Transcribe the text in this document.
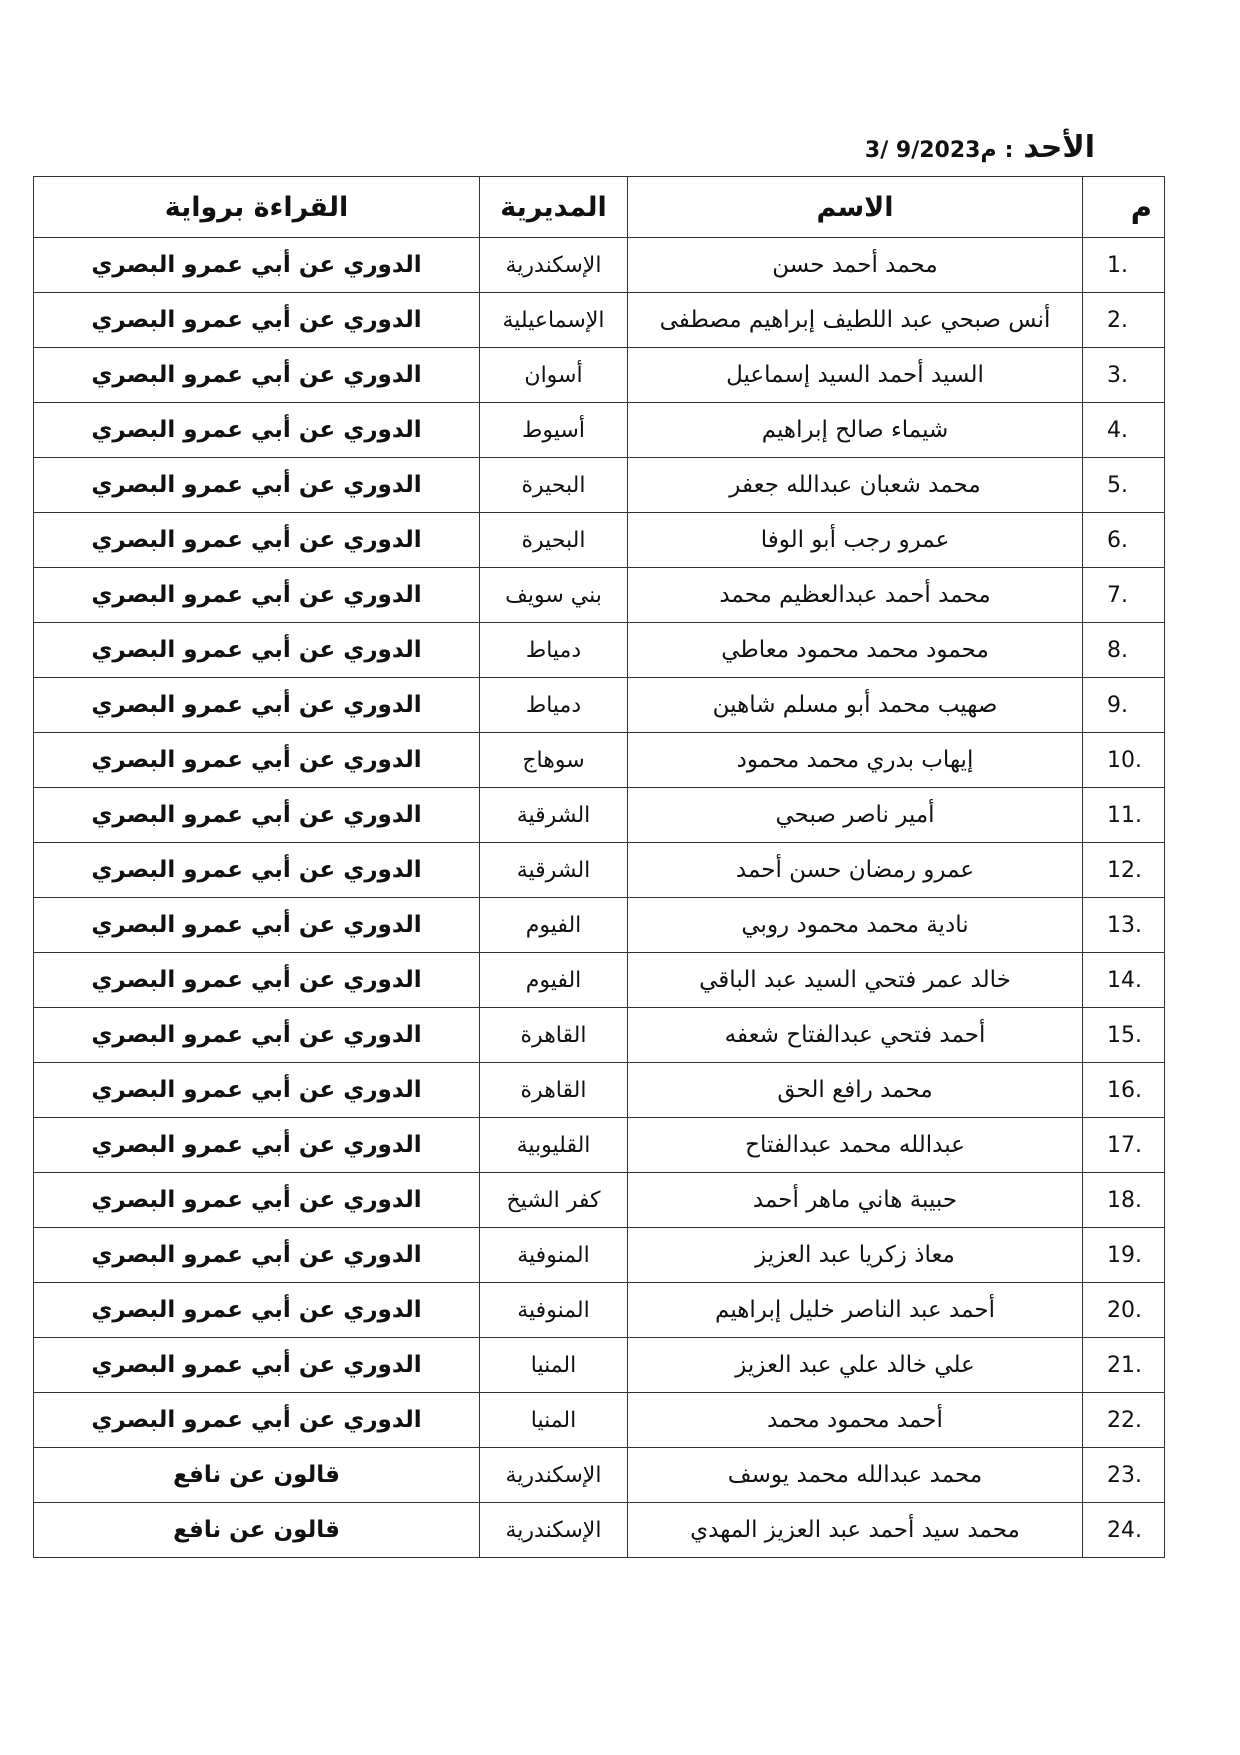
الأحد
:
3/ 9/2023م
م	الاسم	المديرية	القراءة برواية
1.	محمد أحمد حسن	الإسكندرية	الدوري عن أبي عمرو البصري
2.	أنس صبحي عبد اللطيف إبراهيم مصطفى	الإسماعيلية	الدوري عن أبي عمرو البصري
3.	السيد أحمد السيد إسماعيل	أسوان	الدوري عن أبي عمرو البصري
4.	شيماء صالح إبراهيم	أسيوط	الدوري عن أبي عمرو البصري
5.	محمد شعبان عبدالله جعفر	البحيرة	الدوري عن أبي عمرو البصري
6.	عمرو رجب أبو الوفا	البحيرة	الدوري عن أبي عمرو البصري
7.	محمد أحمد عبدالعظيم محمد	بني سويف	الدوري عن أبي عمرو البصري
8.	محمود محمد محمود معاطي	دمياط	الدوري عن أبي عمرو البصري
9.	صهيب محمد أبو مسلم شاهين	دمياط	الدوري عن أبي عمرو البصري
10.	إيهاب بدري محمد محمود	سوهاج	الدوري عن أبي عمرو البصري
11.	أمير ناصر صبحي	الشرقية	الدوري عن أبي عمرو البصري
12.	عمرو رمضان حسن أحمد	الشرقية	الدوري عن أبي عمرو البصري
13.	نادية محمد محمود روبي	الفيوم	الدوري عن أبي عمرو البصري
14.	خالد عمر فتحي السيد عبد الباقي	الفيوم	الدوري عن أبي عمرو البصري
15.	أحمد فتحي عبدالفتاح شعفه	القاهرة	الدوري عن أبي عمرو البصري
16.	محمد رافع الحق	القاهرة	الدوري عن أبي عمرو البصري
17.	عبدالله محمد عبدالفتاح	القليوبية	الدوري عن أبي عمرو البصري
18.	حبيبة هاني ماهر أحمد	كفر الشيخ	الدوري عن أبي عمرو البصري
19.	معاذ زكريا عبد العزيز	المنوفية	الدوري عن أبي عمرو البصري
20.	أحمد عبد الناصر خليل إبراهيم	المنوفية	الدوري عن أبي عمرو البصري
21.	علي خالد علي عبد العزيز	المنيا	الدوري عن أبي عمرو البصري
22.	أحمد محمود محمد	المنيا	الدوري عن أبي عمرو البصري
23.	محمد عبدالله محمد يوسف	الإسكندرية	قالون عن نافع
24.	محمد سيد أحمد عبد العزيز المهدي	الإسكندرية	قالون عن نافع
